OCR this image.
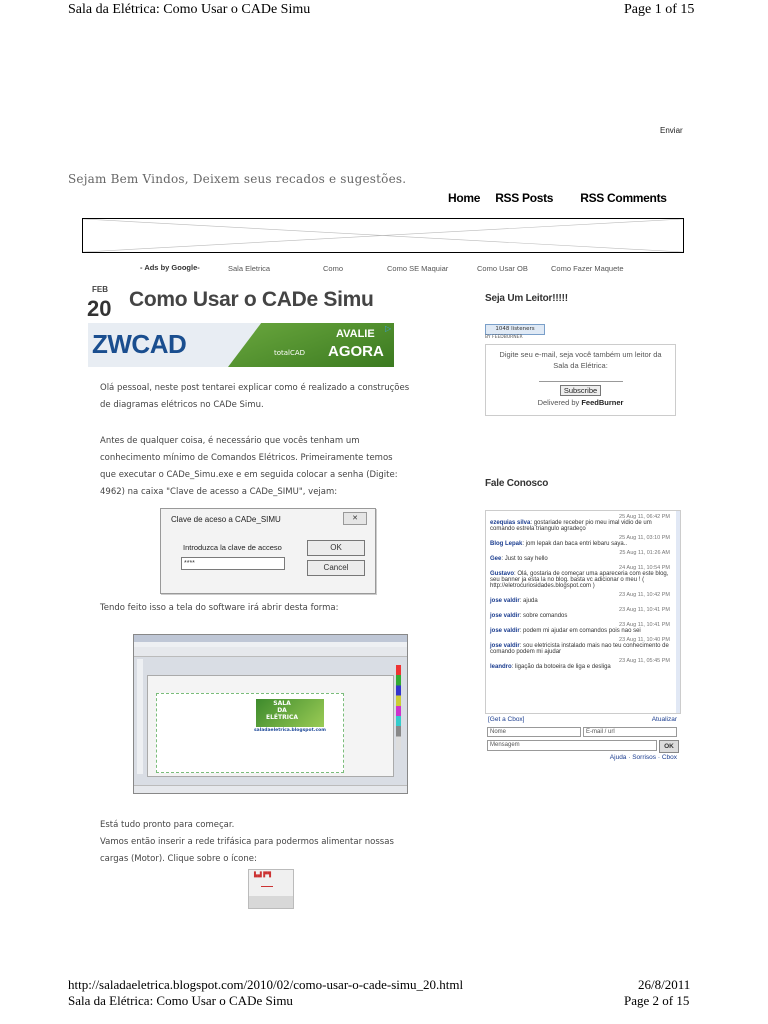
Sala da Elétrica: Como Usar o CADe Simu	Page 1 of 15
Enviar
Sejam Bem Vindos, Deixem seus recados e sugestões.
Home RSS Posts RSS Comments
‑ Ads by Google‑	Sala Eletrica	Como	Como SE Maquiar	Como Usar OB	Como Fazer Maquete
FEB
20 Como Usar o CADe Simu
ZWCAD	totalCAD
AVALIE
AGORA
▷
Olá pessoal, neste post tentarei explicar como é realizado a construções
de diagramas elétricos no CADe Simu.
Antes de qualquer coisa, é necessário que vocês tenham um
conhecimento mínimo de Comandos Elétricos. Primeiramente temos
que executar o CADe_Simu.exe e em seguida colocar a senha (Digite:
4962) na caixa "Clave de acesso a CADe_SIMU", vejam:
Clave de aceso a CADe_SIMU	✕
Introduzca la clave de acceso
****
OK
Cancel
Tendo feito isso a tela do software irá abrir desta forma:
SALA
DA
ELÉTRICA
saladaeletrica.blogspot.com
Está tudo pronto para começar.
Vamos então inserir a rede trifásica para podermos alimentar nossas
cargas (Motor). Clique sobre o ícone:
▙▟ ▛▜
Seja Um Leitor!!!!!
1048 listeners
BY FEEDBURNER
Digite seu e-mail, seja você também um leitor da Sala da Elétrica:
Subscribe
Delivered by FeedBurner
Fale Conosco
25 Aug 11, 06:42 PM
ezequias silva: gostariade receber pio meu imal vidio de um comando estrela triangulo agradeço
25 Aug 11, 03:10 PM
Blog Lepak: jom lepak dan baca entri lebaru saya..
25 Aug 11, 01:26 AM
Gee: Just to say hello
24 Aug 11, 10:54 PM
Gustavo: Olá, gostaria de começar uma apareceria com este blog, seu banner ja esta la no blog. basta vc adicionar o meu ! ( http://eletrocuriosidades.blogspot.com )
23 Aug 11, 10:42 PM
jose valdir: ajuda
23 Aug 11, 10:41 PM
jose valdir: sobre comandos
23 Aug 11, 10:41 PM
jose valdir: podem mi ajudar em comandos pois nao sei
23 Aug 11, 10:40 PM
jose valdir: sou eletricista instalado mais nao teu conhecimento de comando podem mi ajudar
23 Aug 11, 05:45 PM
leandro: ligação da botoeira de liga e desliga
[Get a Cbox]	Atualizar
Nome	E-mail / url
Mensagem	OK
Ajuda · Sorrisos · Cbox
http://saladaeletrica.blogspot.com/2010/02/como-usar-o-cade-simu_20.html	26/8/2011
Sala da Elétrica: Como Usar o CADe Simu	Page 2 of 15
